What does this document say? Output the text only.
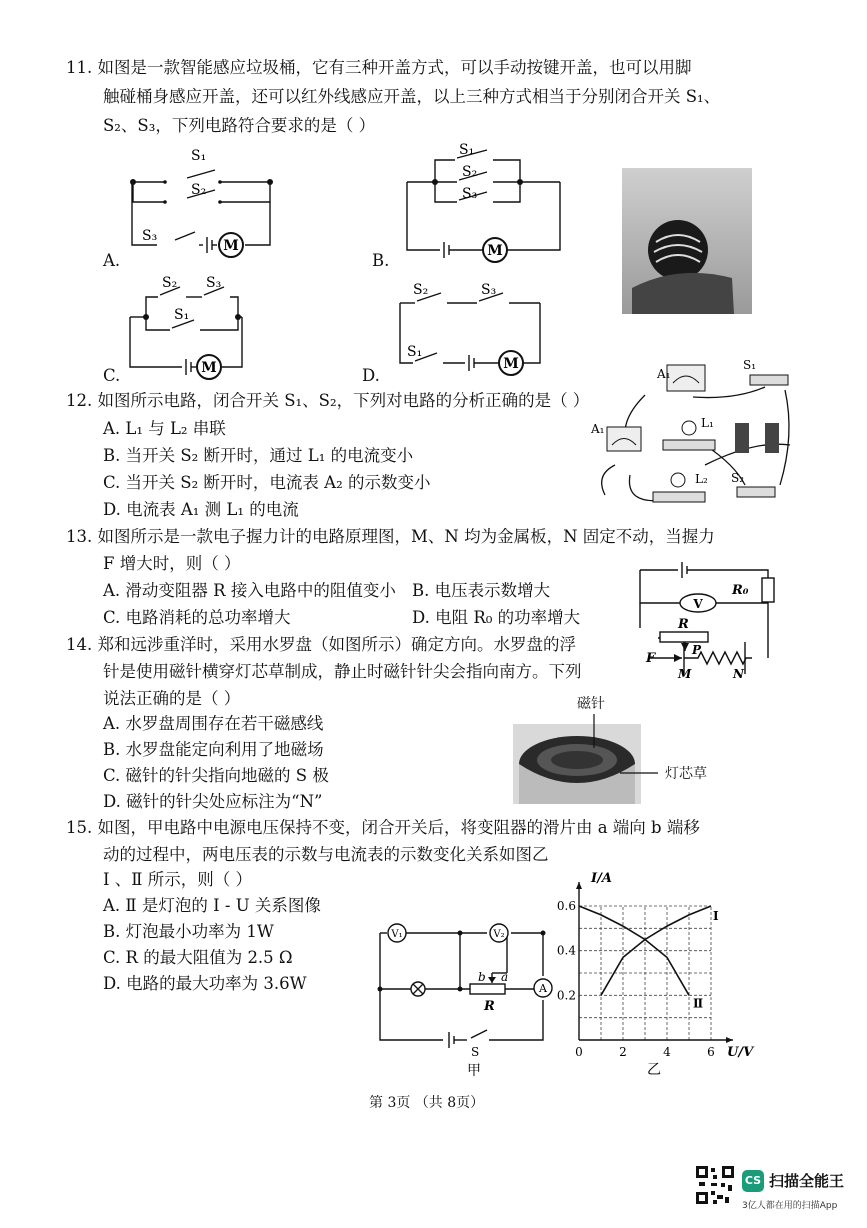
11. 如图是一款智能感应垃圾桶，它有三种开盖方式，可以手动按键开盖，也可以用脚
触碰桶身感应开盖，还可以红外线感应开盖，以上三种方式相当于分别闭合开关 S₁、
S₂、S₃，下列电路符合要求的是（ ）
S₁
S₂
S₃
M
A.
S₁
S₂
S₃
M
B.
S₂ S₃
S₁
M
C.
S₂	S₃
S₁
M
D.
12. 如图所示电路，闭合开关 S₁、S₂，下列对电路的分析正确的是（ ）
A. L₁ 与 L₂ 串联
B. 当开关 S₂ 断开时，通过 L₁ 的电流变小
C. 当开关 S₂ 断开时，电流表 A₂ 的示数变小
D. 电流表 A₁ 测 L₁ 的电流
A₁
A₁	L₁
L₂
S₁
S₂
13. 如图所示是一款电子握力计的电路原理图，M、N 均为金属板，N 固定不动，当握力
F 增大时，则（ ）
A. 滑动变阻器 R 接入电路中的阻值变小 B. 电压表示数增大
C. 电路消耗的总功率增大	D. 电阻 R₀ 的功率增大
V
R₀
R
P
F
M	N
14. 郑和远涉重洋时，采用水罗盘（如图所示）确定方向。水罗盘的浮
针是使用磁针横穿灯芯草制成，静止时磁针针尖会指向南方。下列
说法正确的是（ ）
A. 水罗盘周围存在若干磁感线
B. 水罗盘能定向利用了地磁场
C. 磁针的针尖指向地磁的 S 极
D. 磁针的针尖处应标注为“N”
磁针
灯芯草
15. 如图，甲电路中电源电压保持不变，闭合开关后，将变阻器的滑片由 a 端向 b 端移
动的过程中，两电压表的示数与电流表的示数变化关系如图乙
Ⅰ 、Ⅱ 所示，则（ ）
A. Ⅱ 是灯泡的 I - U 关系图像
B. 灯泡最小功率为 1W
C. R 的最大阻值为 2.5 Ω
D. 电路的最大功率为 3.6W
V₁	V₂
A
R
b a
S
甲
Ⅰ
Ⅱ
0	2	4	6
0.2
0.4
0.6
I/A
U/V
乙
第 3页 （共 8页）
CS 扫描全能王
3亿人都在用的扫描App
